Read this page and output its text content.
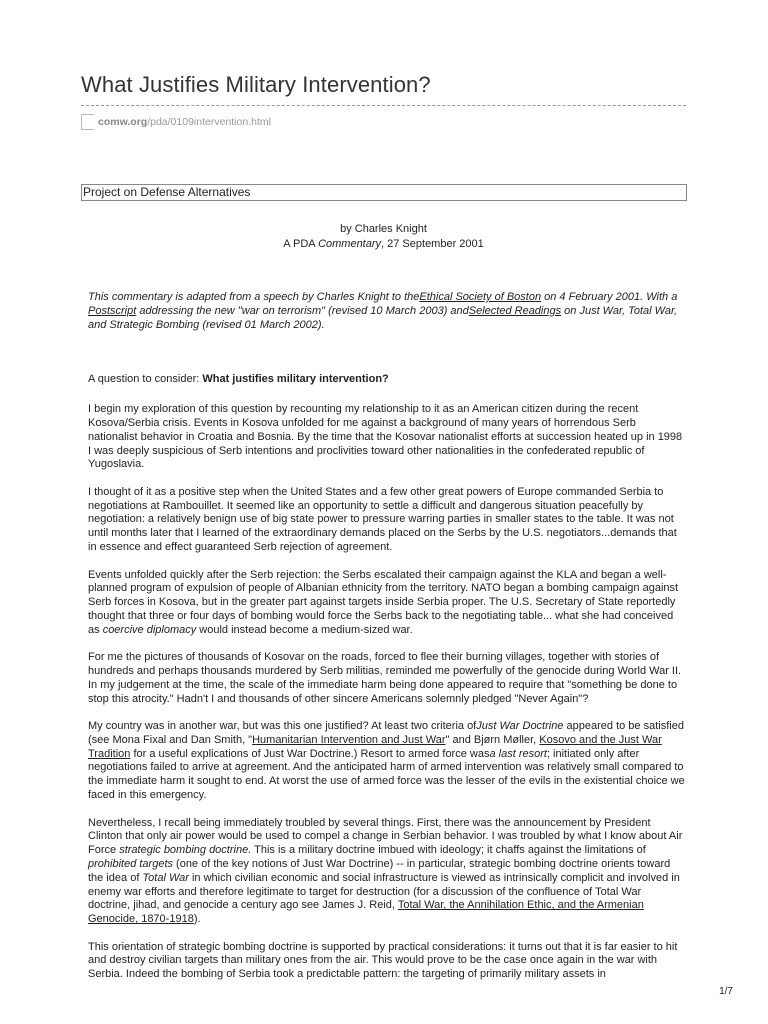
What Justifies Military Intervention?
comw.org /pda/0109intervention.html
Project on Defense Alternatives
by Charles Knight
A PDA Commentary, 27 September 2001

This commentary is adapted from a speech by Charles Knight to theEthical Society of Boston on 4 February 2001. With a Postscript addressing the new "war on terrorism" (revised 10 March 2003) andSelected Readings on Just War, Total War, and Strategic Bombing (revised 01 March 2002).

A question to consider: What justifies military intervention?

I begin my exploration of this question by recounting my relationship to it as an American citizen during the recent Kosova/Serbia crisis. Events in Kosova unfolded for me against a background of many years of horrendous Serb nationalist behavior in Croatia and Bosnia. By the time that the Kosovar nationalist efforts at succession heated up in 1998 I was deeply suspicious of Serb intentions and proclivities toward other nationalities in the confederated republic of Yugoslavia.

I thought of it as a positive step when the United States and a few other great powers of Europe commanded Serbia to negotiations at Rambouillet. It seemed like an opportunity to settle a difficult and dangerous situation peacefully by negotiation: a relatively benign use of big state power to pressure warring parties in smaller states to the table. It was not until months later that I learned of the extraordinary demands placed on the Serbs by the U.S. negotiators...demands that in essence and effect guaranteed Serb rejection of agreement.

Events unfolded quickly after the Serb rejection: the Serbs escalated their campaign against the KLA and began a well-planned program of expulsion of people of Albanian ethnicity from the territory. NATO began a bombing campaign against Serb forces in Kosova, but in the greater part against targets inside Serbia proper. The U.S. Secretary of State reportedly thought that three or four days of bombing would force the Serbs back to the negotiating table... what she had conceived as coercive diplomacy would instead become a medium-sized war.

For me the pictures of thousands of Kosovar on the roads, forced to flee their burning villages, together with stories of hundreds and perhaps thousands murdered by Serb militias, reminded me powerfully of the genocide during World War II. In my judgement at the time, the scale of the immediate harm being done appeared to require that "something be done to stop this atrocity." Hadn't I and thousands of other sincere Americans solemnly pledged "Never Again"?

My country was in another war, but was this one justified? At least two criteria ofJust War Doctrine appeared to be satisfied (see Mona Fixal and Dan Smith, "Humanitarian Intervention and Just War" and Bjørn Møller, Kosovo and the Just War Tradition for a useful explications of Just War Doctrine.) Resort to armed force wasa last resort; initiated only after negotiations failed to arrive at agreement. And the anticipated harm of armed intervention was relatively small compared to the immediate harm it sought to end. At worst the use of armed force was the lesser of the evils in the existential choice we faced in this emergency.

Nevertheless, I recall being immediately troubled by several things. First, there was the announcement by President Clinton that only air power would be used to compel a change in Serbian behavior. I was troubled by what I know about Air Force strategic bombing doctrine. This is a military doctrine imbued with ideology; it chaffs against the limitations of prohibited targets (one of the key notions of Just War Doctrine) -- in particular, strategic bombing doctrine orients toward the idea of Total War in which civilian economic and social infrastructure is viewed as intrinsically complicit and involved in enemy war efforts and therefore legitimate to target for destruction (for a discussion of the confluence of Total War doctrine, jihad, and genocide a century ago see James J. Reid, Total War, the Annihilation Ethic, and the Armenian Genocide, 1870-1918).

This orientation of strategic bombing doctrine is supported by practical considerations: it turns out that it is far easier to hit and destroy civilian targets than military ones from the air. This would prove to be the case once again in the war with Serbia. Indeed the bombing of Serbia took a predictable pattern: the targeting of primarily military assets in

1/7
